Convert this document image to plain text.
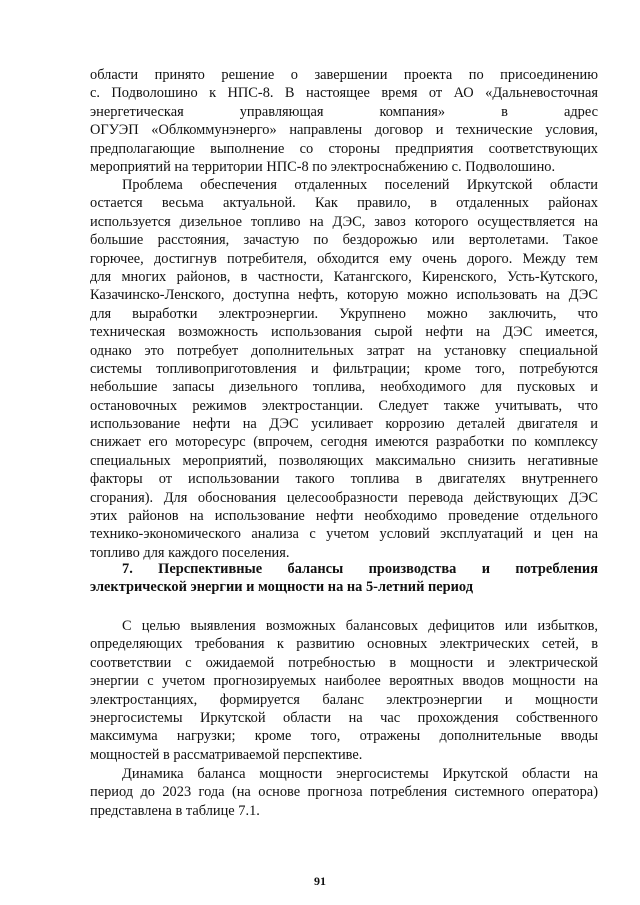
области принято решение о завершении проекта по присоединению
с. Подволошино к НПС-8. В настоящее время от АО «Дальневосточная
энергетическая управляющая компания» в адрес
ОГУЭП «Облкоммунэнерго» направлены договор и технические условия,
предполагающие выполнение со стороны предприятия соответствующих
мероприятий на территории НПС-8 по электроснабжению с. Подволошино.
Проблема обеспечения отдаленных поселений Иркутской области
остается весьма актуальной. Как правило, в отдаленных районах
используется дизельное топливо на ДЭС, завоз которого осуществляется на
большие расстояния, зачастую по бездорожью или вертолетами. Такое
горючее, достигнув потребителя, обходится ему очень дорого. Между тем
для многих районов, в частности, Катангского, Киренского, Усть-Кутского,
Казачинско-Ленского, доступна нефть, которую можно использовать на ДЭС
для выработки электроэнергии. Укрупнено можно заключить, что
техническая возможность использования сырой нефти на ДЭС имеется,
однако это потребует дополнительных затрат на установку специальной
системы топливоприготовления и фильтрации; кроме того, потребуются
небольшие запасы дизельного топлива, необходимого для пусковых и
остановочных режимов электростанции. Следует также учитывать, что
использование нефти на ДЭС усиливает коррозию деталей двигателя и
снижает его моторесурс (впрочем, сегодня имеются разработки по комплексу
специальных мероприятий, позволяющих максимально снизить негативные
факторы от использовании такого топлива в двигателях внутреннего
сгорания). Для обоснования целесообразности перевода действующих ДЭС
этих районов на использование нефти необходимо проведение отдельного
технико-экономического анализа с учетом условий эксплуатаций и цен на
топливо для каждого поселения.
7. Перспективные балансы производства и потребления
электрической энергии и мощности на на 5-летний период
С целью выявления возможных балансовых дефицитов или избытков,
определяющих требования к развитию основных электрических сетей, в
соответствии с ожидаемой потребностью в мощности и электрической
энергии с учетом прогнозируемых наиболее вероятных вводов мощности на
электростанциях, формируется баланс электроэнергии и мощности
энергосистемы Иркутской области на час прохождения собственного
максимума нагрузки; кроме того, отражены дополнительные вводы
мощностей в рассматриваемой перспективе.
Динамика баланса мощности энергосистемы Иркутской области на
период до 2023 года (на основе прогноза потребления системного оператора)
представлена в таблице 7.1.
91
